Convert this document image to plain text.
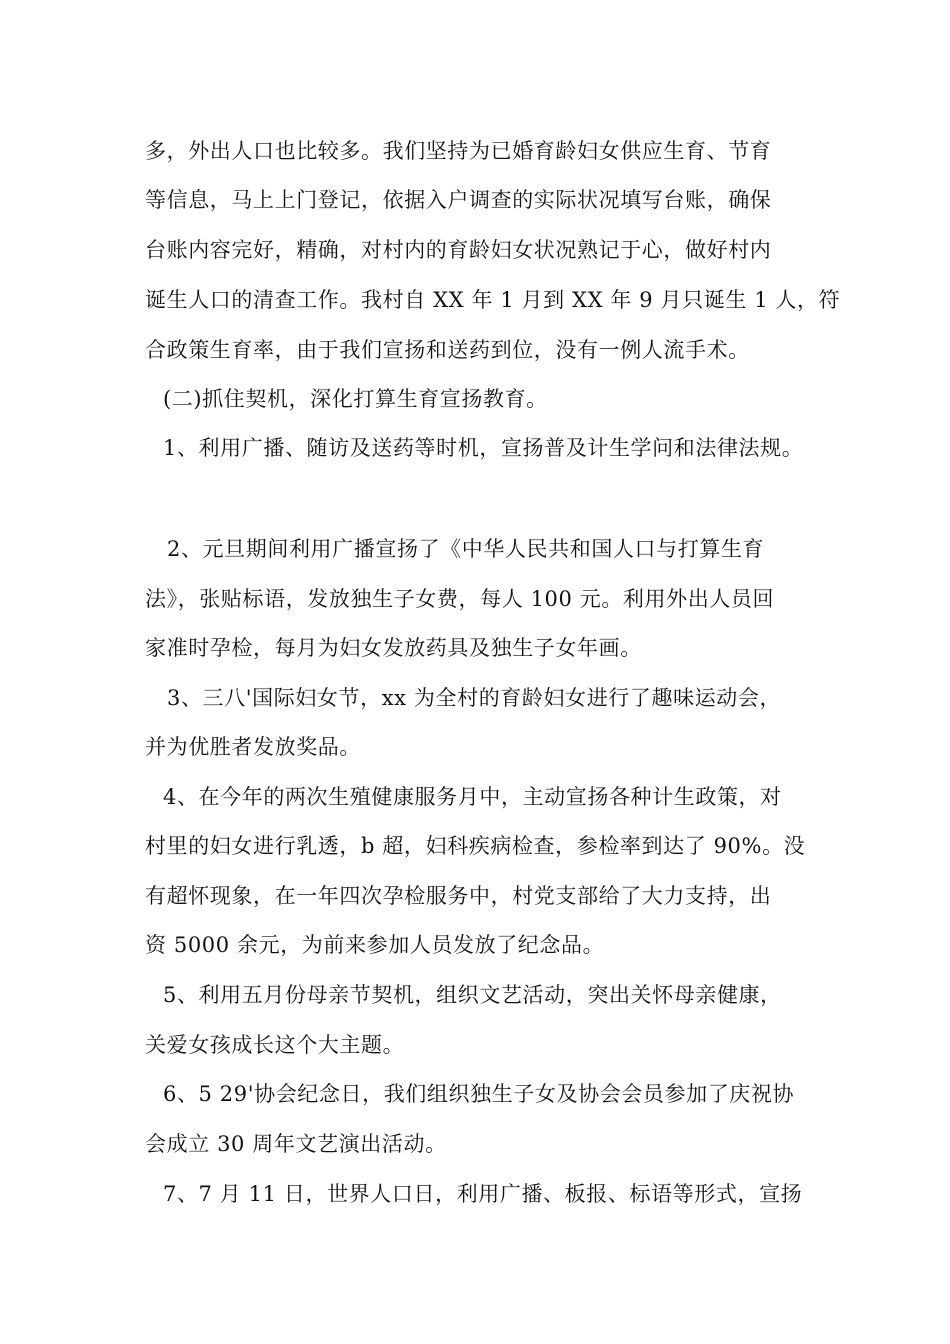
多，外出人口也比较多。我们坚持为已婚育龄妇女供应生育、节育
等信息，马上上门登记，依据入户调查的实际状况填写台账，确保
台账内容完好，精确，对村内的育龄妇女状况熟记于心，做好村内
诞生人口的清查工作。我村自 XX 年 1 月到 XX 年 9 月只诞生 1 人，符
合政策生育率，由于我们宣扬和送药到位，没有一例人流手术。
(二)抓住契机，深化打算生育宣扬教育。
1、利用广播、随访及送药等时机，宣扬普及计生学问和法律法规。
2、元旦期间利用广播宣扬了《中华人民共和国人口与打算生育
法》，张贴标语，发放独生子女费，每人 100 元。利用外出人员回
家准时孕检，每月为妇女发放药具及独生子女年画。
3、三八'国际妇女节，xx 为全村的育龄妇女进行了趣味运动会，
并为优胜者发放奖品。
4、在今年的两次生殖健康服务月中，主动宣扬各种计生政策，对
村里的妇女进行乳透，b 超，妇科疾病检查，参检率到达了 90%。没
有超怀现象，在一年四次孕检服务中，村党支部给了大力支持，出
资 5000 余元，为前来参加人员发放了纪念品。
5、利用五月份母亲节契机，组织文艺活动，突出关怀母亲健康，
关爱女孩成长这个大主题。
6、5 29'协会纪念日，我们组织独生子女及协会会员参加了庆祝协
会成立 30 周年文艺演出活动。
7、7 月 11 日，世界人口日，利用广播、板报、标语等形式，宣扬
